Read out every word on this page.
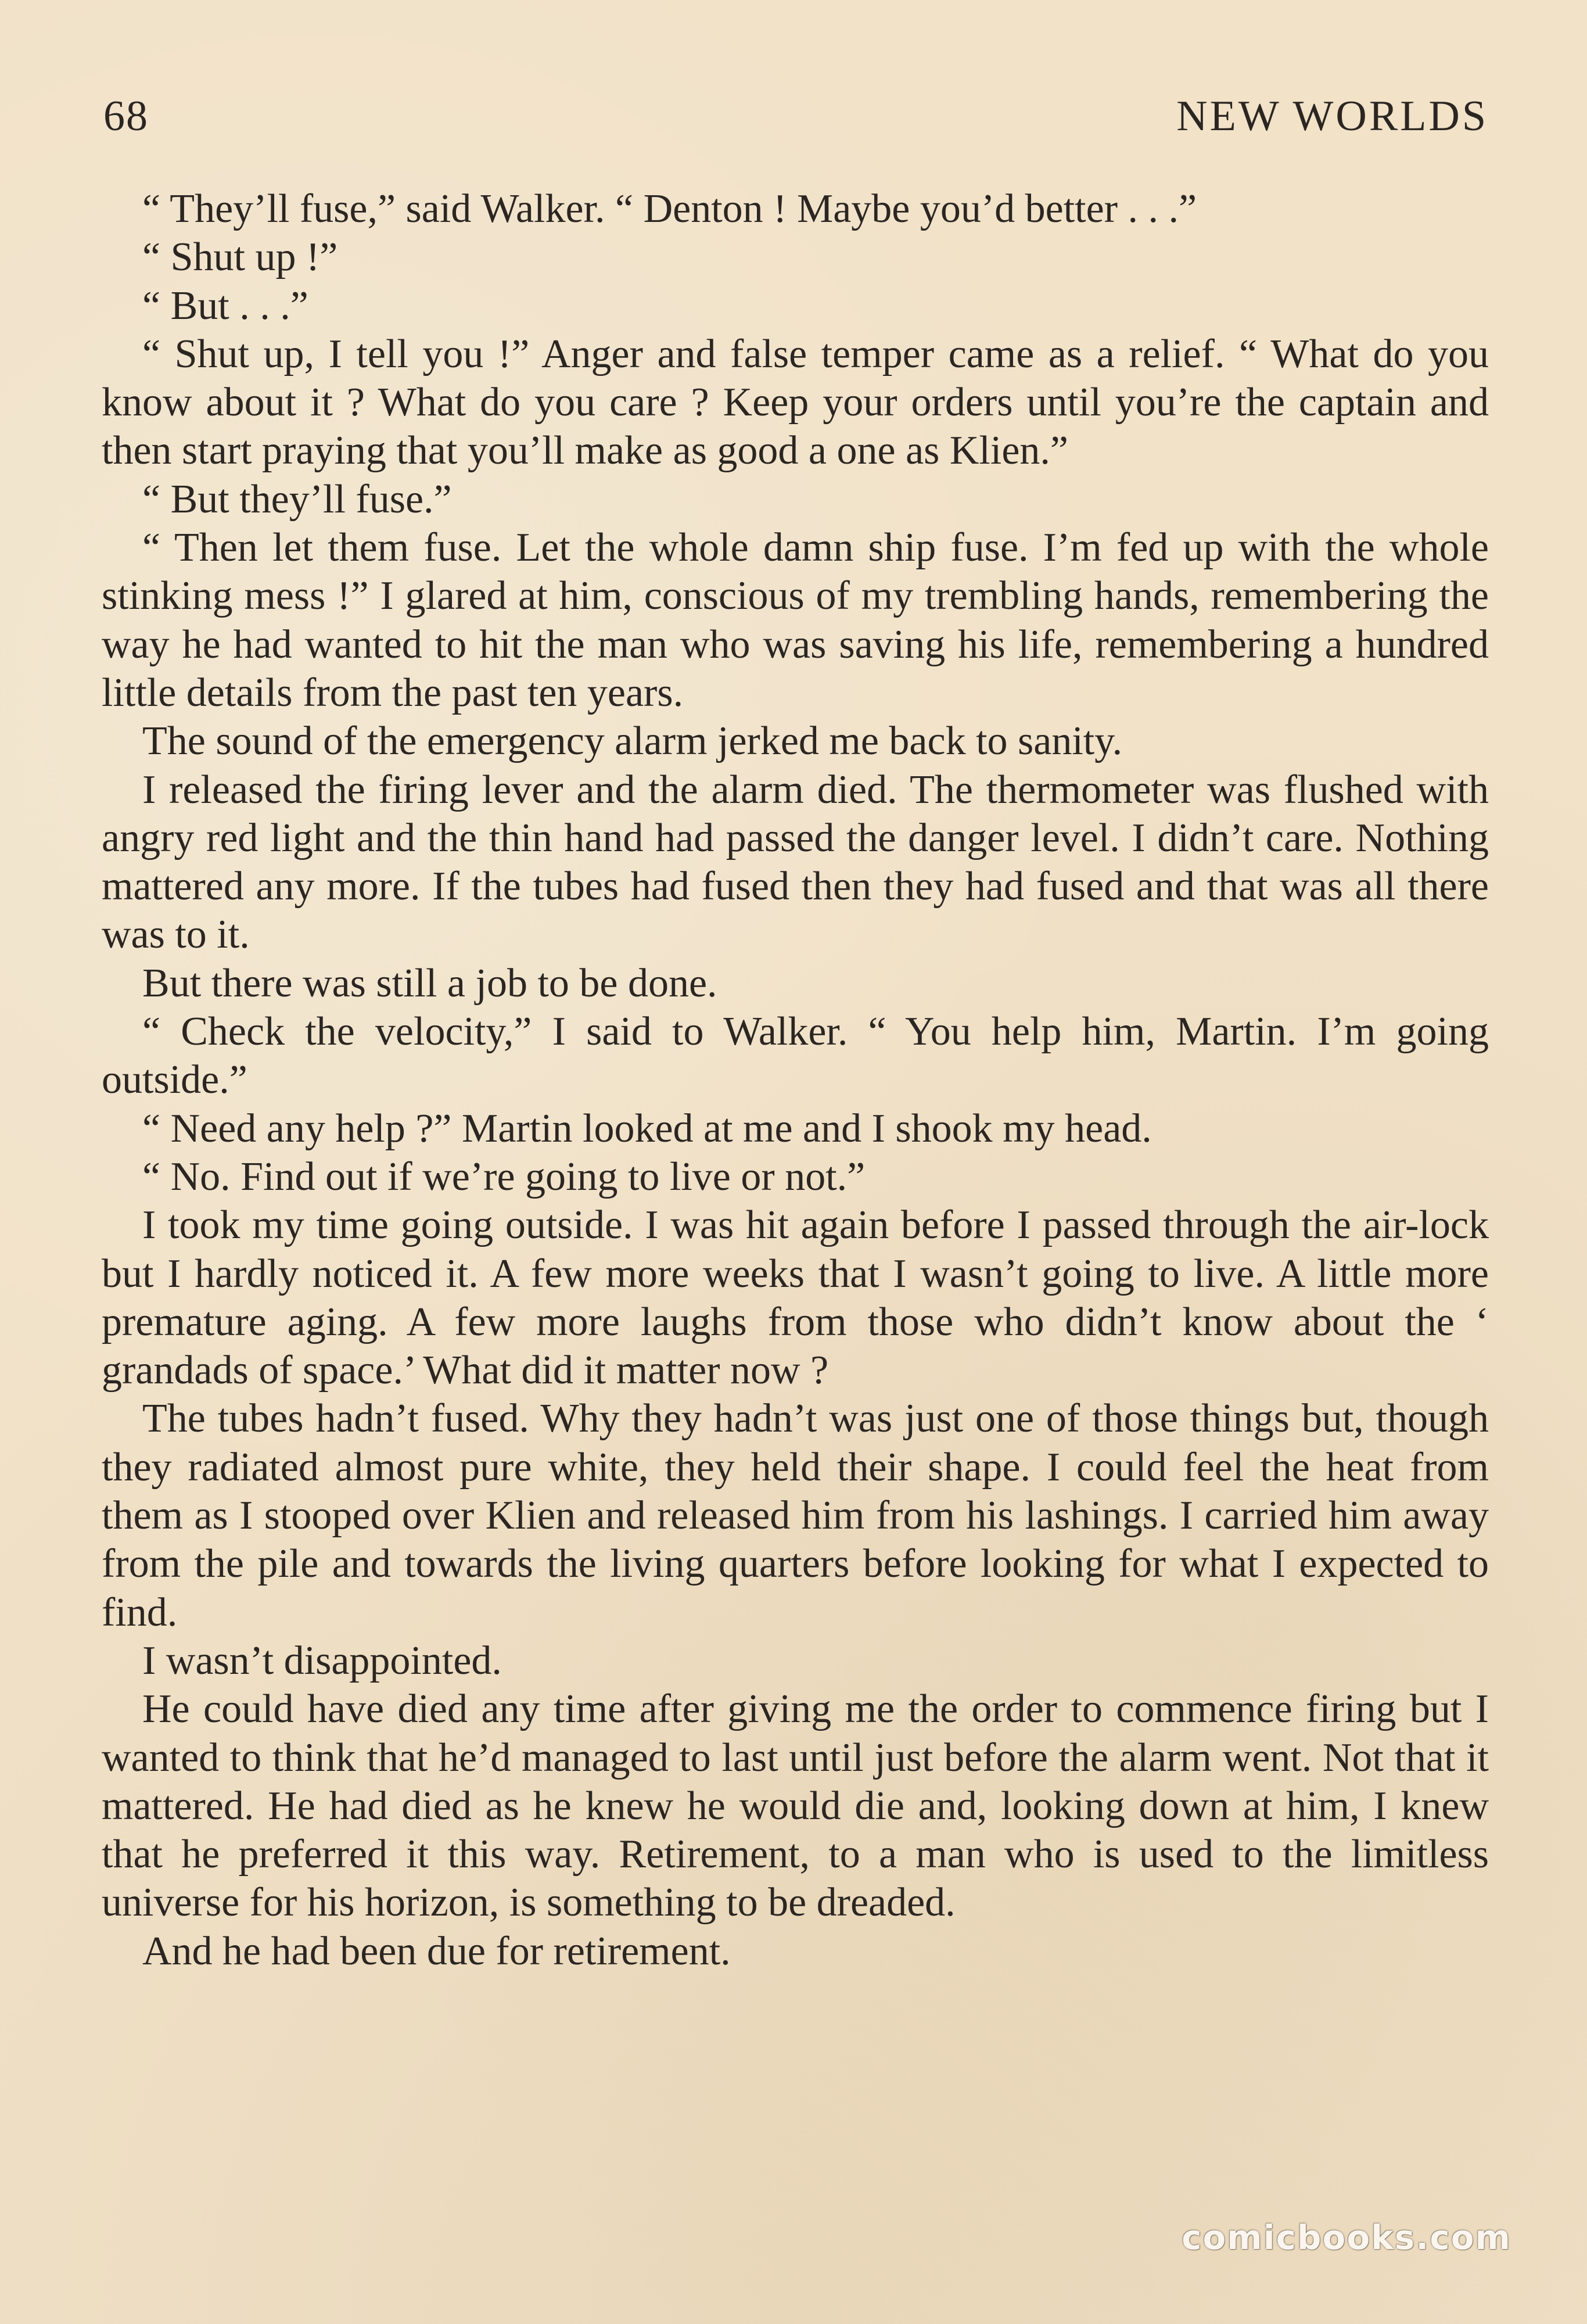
68	NEW WORLDS

“ They’ll fuse,” said Walker. “ Denton ! Maybe you’d better . . .”

“ Shut up !”

“ But . . .”

“ Shut up, I tell you !” Anger and false temper came as a relief. “ What do you know about it ? What do you care ? Keep your orders until you’re the captain and then start praying that you’ll make as good a one as Klien.”

“ But they’ll fuse.”

“ Then let them fuse. Let the whole damn ship fuse. I’m fed up with the whole stinking mess !” I glared at him, conscious of my trembling hands, remembering the way he had wanted to hit the man who was saving his life, remembering a hundred little details from the past ten years.

The sound of the emergency alarm jerked me back to sanity.

I released the firing lever and the alarm died. The thermometer was flushed with angry red light and the thin hand had passed the danger level. I didn’t care. Nothing mattered any more. If the tubes had fused then they had fused and that was all there was to it.

But there was still a job to be done.

“ Check the velocity,” I said to Walker. “ You help him, Martin. I’m going outside.”

“ Need any help ?” Martin looked at me and I shook my head.

“ No. Find out if we’re going to live or not.”

I took my time going outside. I was hit again before I passed through the air-lock but I hardly noticed it. A few more weeks that I wasn’t going to live. A little more premature aging. A few more laughs from those who didn’t know about the ‘ grandads of space.’ What did it matter now ?

The tubes hadn’t fused. Why they hadn’t was just one of those things but, though they radiated almost pure white, they held their shape. I could feel the heat from them as I stooped over Klien and released him from his lashings. I carried him away from the pile and towards the living quarters before looking for what I expected to find.

I wasn’t disappointed.

He could have died any time after giving me the order to commence firing but I wanted to think that he’d managed to last until just before the alarm went. Not that it mattered. He had died as he knew he would die and, looking down at him, I knew that he preferred it this way. Retirement, to a man who is used to the limitless universe for his horizon, is something to be dreaded.

And he had been due for retirement.

comicbooks.com
